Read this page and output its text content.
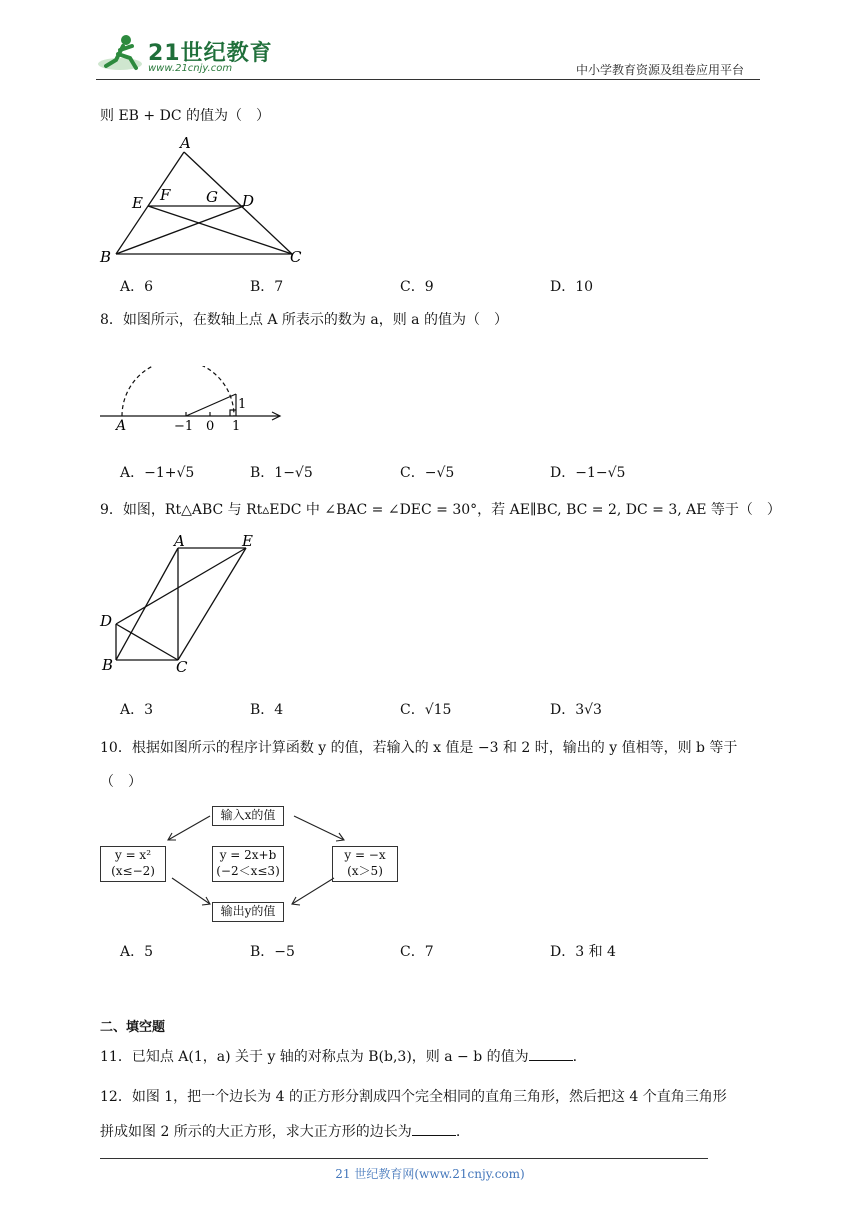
21世纪教育
www.21cnjy.com	中小学教育资源及组卷应用平台
则 EB + DC 的值为（　）
A
E F G D
B	C
A．6	B．7	C．9	D．10
8．如图所示，在数轴上点 A 所表示的数为 a，则 a 的值为（　）
A	−1 0 1
1
A．−1+√5	B．1−√5	C．−√5	D．−1−√5
9．如图，Rt△ABC 与 Rt▵EDC 中 ∠BAC = ∠DEC = 30°，若 AE∥BC, BC = 2, DC = 3, AE 等于（　）
A	E
D
B	C
A．3	B．4	C．√15	D．3√3
10．根据如图所示的程序计算函数 y 的值，若输入的 x 值是 −3 和 2 时，输出的 y 值相等，则 b 等于
（　）
输入x的值
y = x²
(x≤−2)
y = 2x+b
(−2＜x≤3)
y = −x
(x＞5)
输出y的值
A．5	B．−5	C．7	D．3 和 4
二、填空题
11．已知点 A(1，a) 关于 y 轴的对称点为 B(b,3)，则 a − b 的值为	.
12．如图 1，把一个边长为 4 的正方形分割成四个完全相同的直角三角形，然后把这 4 个直角三角形
拼成如图 2 所示的大正方形，求大正方形的边长为	.
21 世纪教育网(www.21cnjy.com)
